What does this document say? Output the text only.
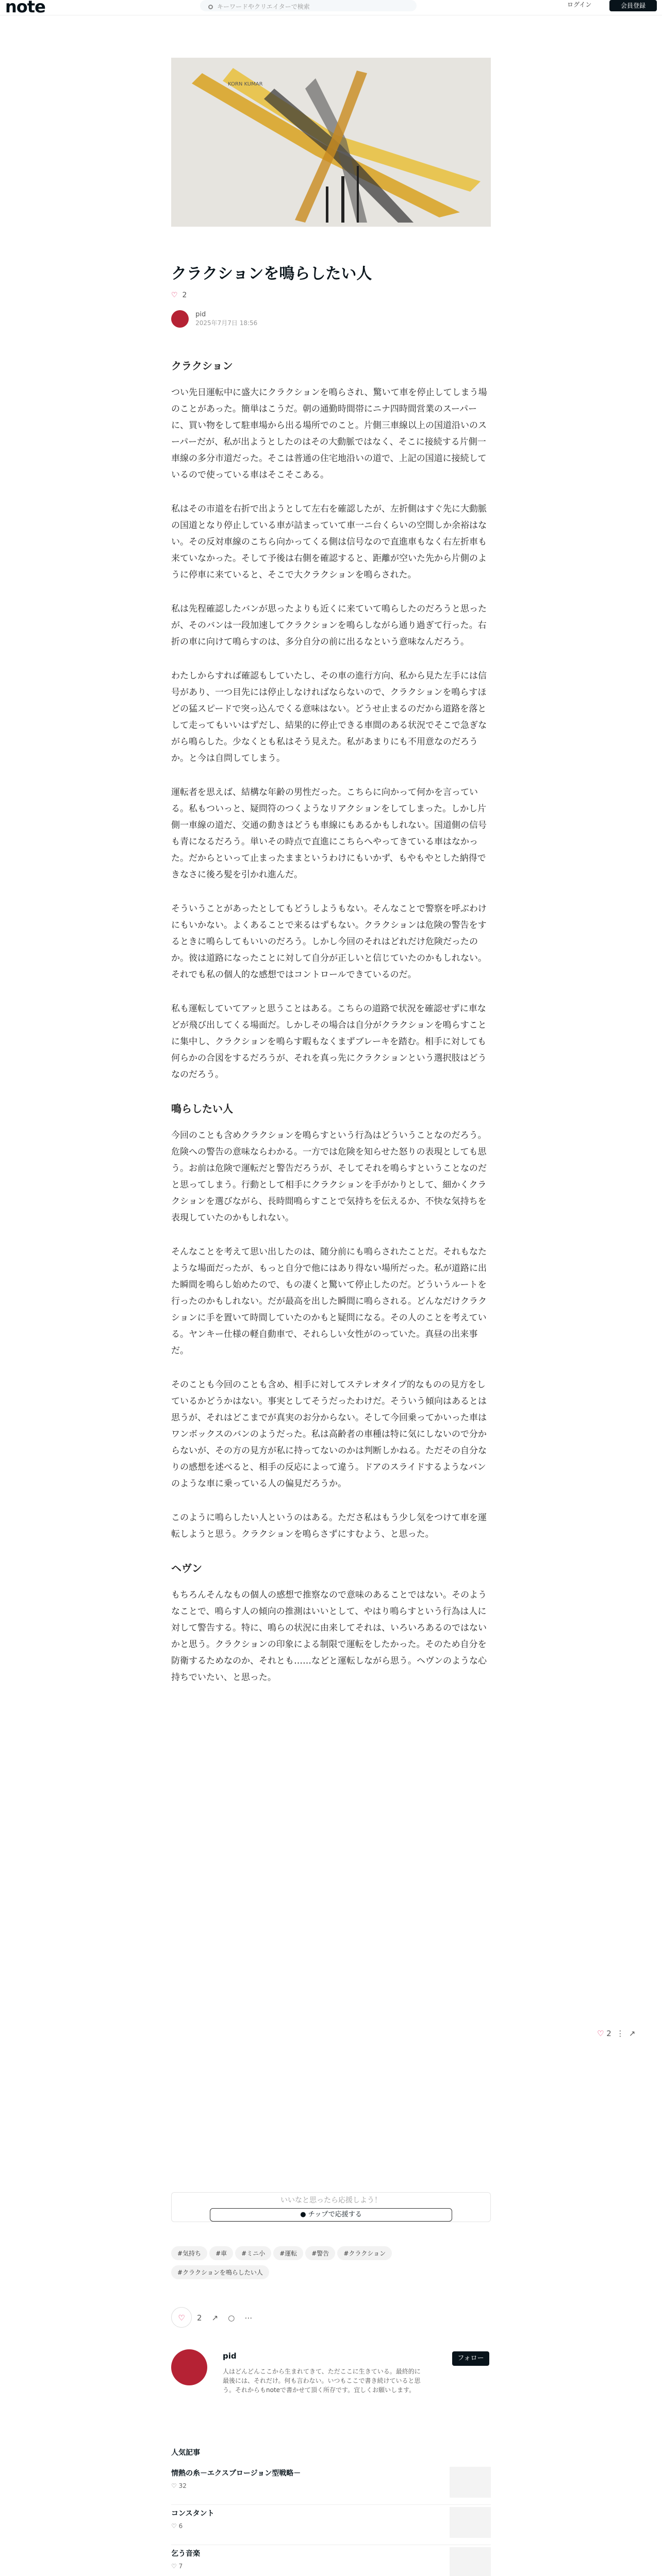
note	キーワードやクリエイターで検索	ログイン	会員登録
KORN KUMAR
クラクションを鳴らしたい人
♡ 2
pid
2025年7月7日 18:56
クラクション

つい先日運転中に盛大にクラクションを鳴らされ、驚いて車を停止してしまう場のことがあった。簡単はこうだ。朝の通勤時間帯にニナ四時間営業のスーパーに、買い物をして駐車場から出る場所でのこと。片側三車線以上の国道沿いのスーパーだが、私が出ようとしたのはその大動脈ではなく、そこに接続する片側一車線の多分市道だった。そこは普通の住宅地沿いの道で、上記の国道に接続しているので使っている車はそこそこある。

私はその市道を右折で出ようとして左右を確認したが、左折側はすぐ先に大動脈の国道となり停止している車が詰まっていて車一ニ台くらいの空間しか余裕はない。その反対車線のこちら向かってくる側は信号なので直進車もなく右左折車も来ていなかった。そして予後は右側を確認すると、距離が空いた先から片側のように停車に来ていると、そこで大クラクションを鳴らされた。

私は先程確認したバンが思ったよりも近くに来ていて鳴らしたのだろうと思ったが、そのバンは一段加速してクラクションを鳴らしながら通り過ぎて行った。右折の車に向けて鳴らすのは、多分自分の前に出るなという意味なんだろう。

わたしからすれば確認もしていたし、その車の進行方向、私から見た左手には信号があり、一つ目先には停止しなければならないので、クラクションを鳴らすほどの猛スピードで突っ込んでくる意味はない。どうせ止まるのだから道路を落として走ってもいいはずだし、結果的に停止できる車間のある状況でそこで急ぎながら鳴らした。少なくとも私はそう見えた。私があまりにも不用意なのだろうか。と今は自問してしまう。

運転者を思えば、結構な年齢の男性だった。こちらに向かって何かを言っている。私もついっと、疑問符のつくようなリアクションをしてしまった。しかし片側一車線の道だ、交通の動きはどうも車線にもあるかもしれない。国道側の信号も青になるだろう。単いその時点で直進にこちらへやってきている車はなかった。だからといって止まったままというわけにもいかず、もやもやとした納得できなさに後ろ髪を引かれ進んだ。

そういうことがあったとしてもどうしようもない。そんなことで警察を呼ぶわけにもいかない。よくあることで来るはずもない。クラクションは危険の警告をするときに鳴らしてもいいのだろう。しかし今回のそれはどれだけ危険だったのか。彼は道路になったことに対して自分が正しいと信じていたのかもしれない。それでも私の個人的な感想ではコントロールできているのだ。

私も運転していてアッと思うことはある。こちらの道路で状況を確認せずに車などが飛び出してくる場面だ。しかしその場合は自分がクラクションを鳴らすことに集中し、クラクションを鳴らす暇もなくまずブレーキを踏む。相手に対しても何らかの合図をするだろうが、それを真っ先にクラクションという選択肢はどうなのだろう。

鳴らしたい人

今回のことも含めクラクションを鳴らすという行為はどういうことなのだろう。危険への警告の意味ならわかる。一方では危険を知らせた怒りの表現としても思う。お前は危険で運転だと警告だろうが、そしてそれを鳴らすということなのだと思ってしまう。行動として相手にクラクションを手がかりとして、細かくクラクションを選びながら、長時間鳴らすことで気持ちを伝えるか、不快な気持ちを表現していたのかもしれない。

そんなことを考えて思い出したのは、随分前にも鳴らされたことだ。それもなたような場面だったが、もっと自分で他にはあり得ない場所だった。私が道路に出た瞬間を鳴らし始めたので、もの凄くと驚いて停止したのだ。どういうルートを行ったのかもしれない。だが最高を出した瞬間に鳴らされる。どんなだけクラクションに手を置いて時間していたのかもと疑問になる。その人のことを考えている。ヤンキー仕様の軽自動車で、それらしい女性がのっていた。真昼の出来事だ。

そのことも今回のことも含め、相手に対してステレオタイプ的なものの見方をしているかどうかはない。事実としてそうだったわけだ。そういう傾向はあるとは思うが、それはどこまでが真実のお分からない。そして今回乗ってかいった車はワンボックスのバンのようだった。私は高齢者の車種は特に気にしないので分からないが、その方の見方が私に持ってないのかは判断しかねる。ただその自分なりの感想を述べると、相手の反応によって違う。ドアのスライドするようなバンのような車に乗っている人の偏見だろうか。

このように鳴らしたい人というのはある。たださ私はもう少し気をつけて車を運転しようと思う。クラクションを鳴らさずにすむよう、と思った。

ヘヴン

もちろんそんなもの個人の感想で推察なので意味のあることではない。そのようなことで、鳴らす人の傾向の推測はいいとして、やはり鳴らすという行為は人に対して警告する。特に、鳴らの状況に由来してそれは、いろいろあるのではないかと思う。クラクションの印象による制限で運転をしたかった。そのため自分を防衛するためなのか、それとも……などと運転しながら思う。ヘヴンのような心持ちでいたい、と思った。

♡ 2 ⋮ ↗
いいなと思ったら応援しよう！
● チップで応援する
#気持ち #車 #ミニ小 #運転 #警告 #クラクション
#クラクションを鳴らしたい人
♡ 2 ↗ ○ ⋯
pid
人はどんどんここから生まれてきて、ただここに生きている。最終的に最後には、それだけ。何も言わない。いつもここで書き続けていると思う。それからもnoteで書かせて頂く所存です。宜しくお願いします。
フォロー
人気記事
情熱の糸－エクスプロージョン型戦略－
♡ 32
コンスタント
♡ 6
乞う音楽
♡ 7
